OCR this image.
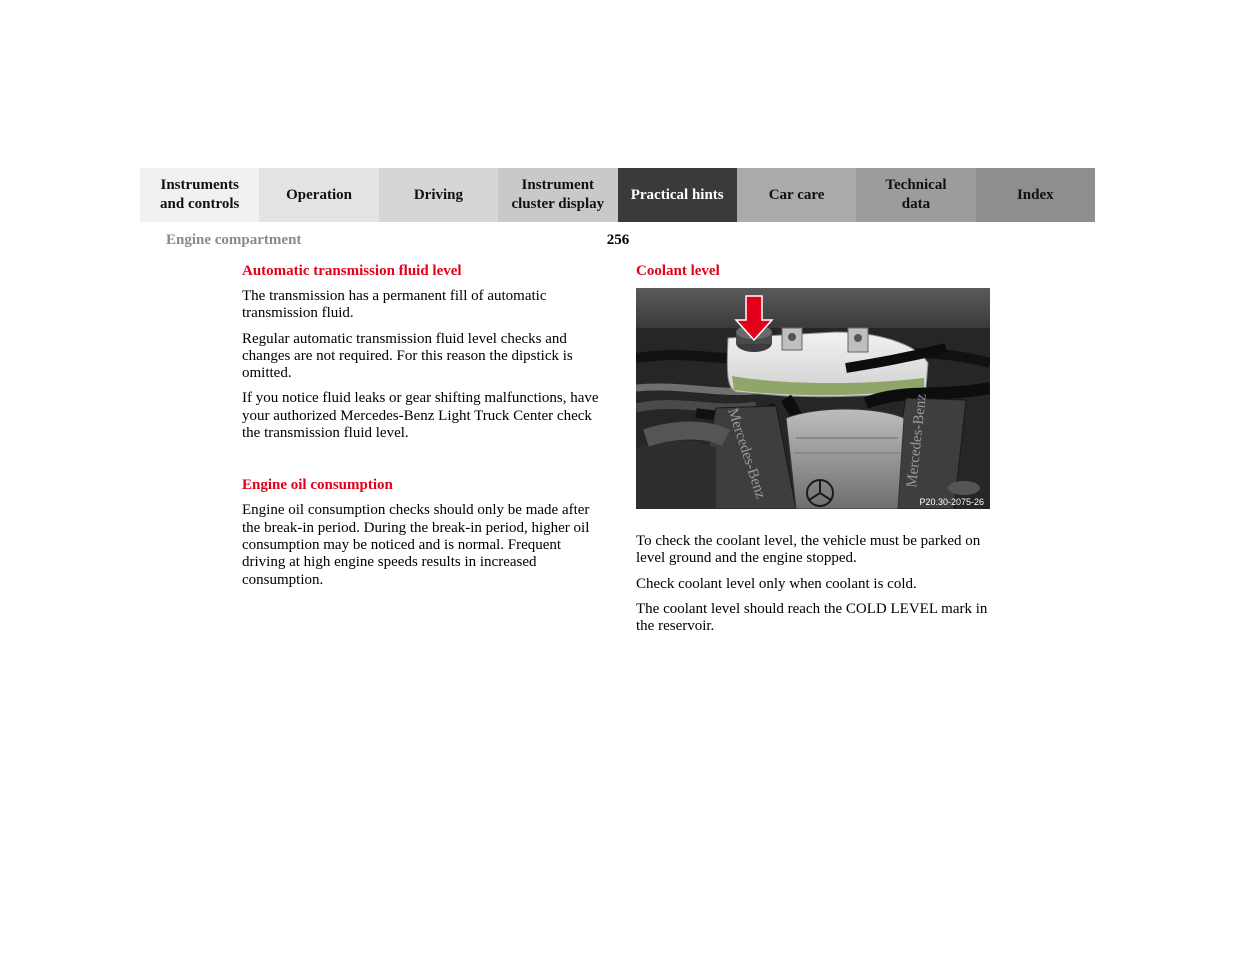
Instruments
and controls
Operation	Driving
Instrument
cluster display
Practical hints	Car care
Technical
data
Index
Engine compartment	256
Automatic transmission fluid level

The transmission has a permanent fill of automatic transmission fluid.

Regular automatic transmission fluid level checks and changes are not required. For this reason the dipstick is omitted.

If you notice fluid leaks or gear shifting malfunctions, have your authorized Mercedes-Benz Light Truck Center check the transmission fluid level.

Engine oil consumption

Engine oil consumption checks should only be made after the break-in period. During the break-in period, higher oil consumption may be noticed and is normal. Frequent driving at high engine speeds results in increased consumption.

Coolant level
Mercedes-Benz	Mercedes-Benz
P20.30-2075-26

To check the coolant level, the vehicle must be parked on level ground and the engine stopped.

Check coolant level only when coolant is cold.

The coolant level should reach the COLD LEVEL mark in the reservoir.
